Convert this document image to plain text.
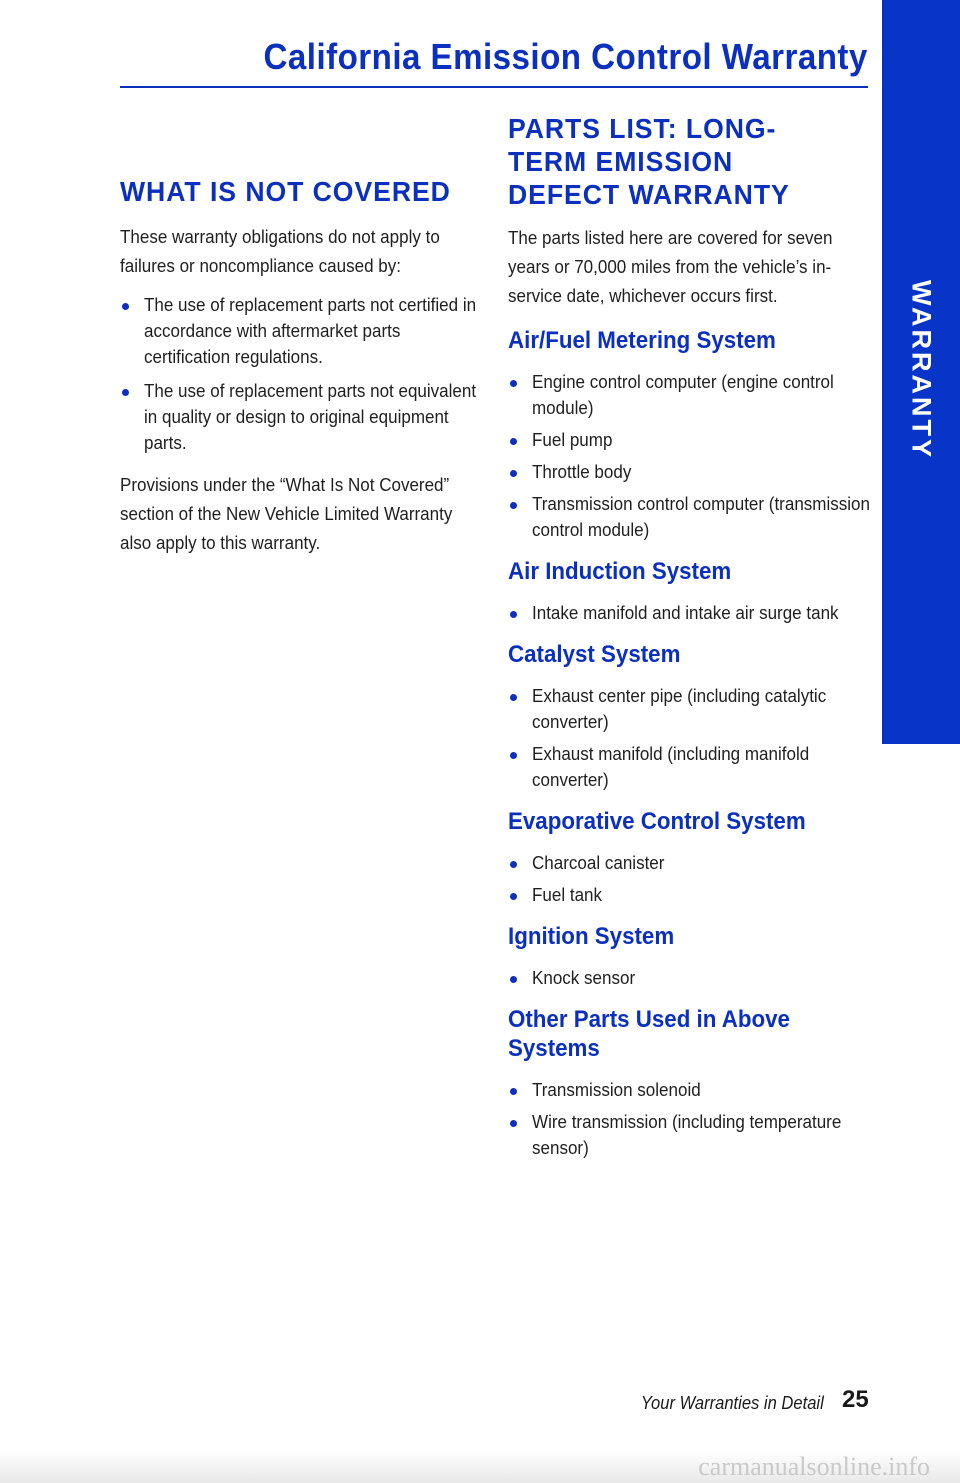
California Emission Control Warranty
WARRANTY
WHAT IS NOT COVERED

These warranty obligations do not apply to failures or noncompliance caused by:

The use of replacement parts not certified in accordance with aftermarket parts certification regulations.
The use of replacement parts not equivalent in quality or design to original equipment parts.

Provisions under the “What Is Not Covered” section of the New Vehicle Limited Warranty also apply to this warranty.

PARTS LIST: LONG-TERM EMISSION DEFECT WARRANTY

The parts listed here are covered for seven years or 70,000 miles from the vehicle’s in-service date, whichever occurs first.

Air/Fuel Metering System
Engine control computer (engine control module)
Fuel pump
Throttle body
Transmission control computer (transmission control module)
Air Induction System
Intake manifold and intake air surge tank
Catalyst System
Exhaust center pipe (including catalytic converter)
Exhaust manifold (including manifold converter)
Evaporative Control System
Charcoal canister
Fuel tank
Ignition System
Knock sensor
Other Parts Used in Above Systems
Transmission solenoid
Wire transmission (including temperature sensor)
Your Warranties in Detail 25
carmanualsonline.info
